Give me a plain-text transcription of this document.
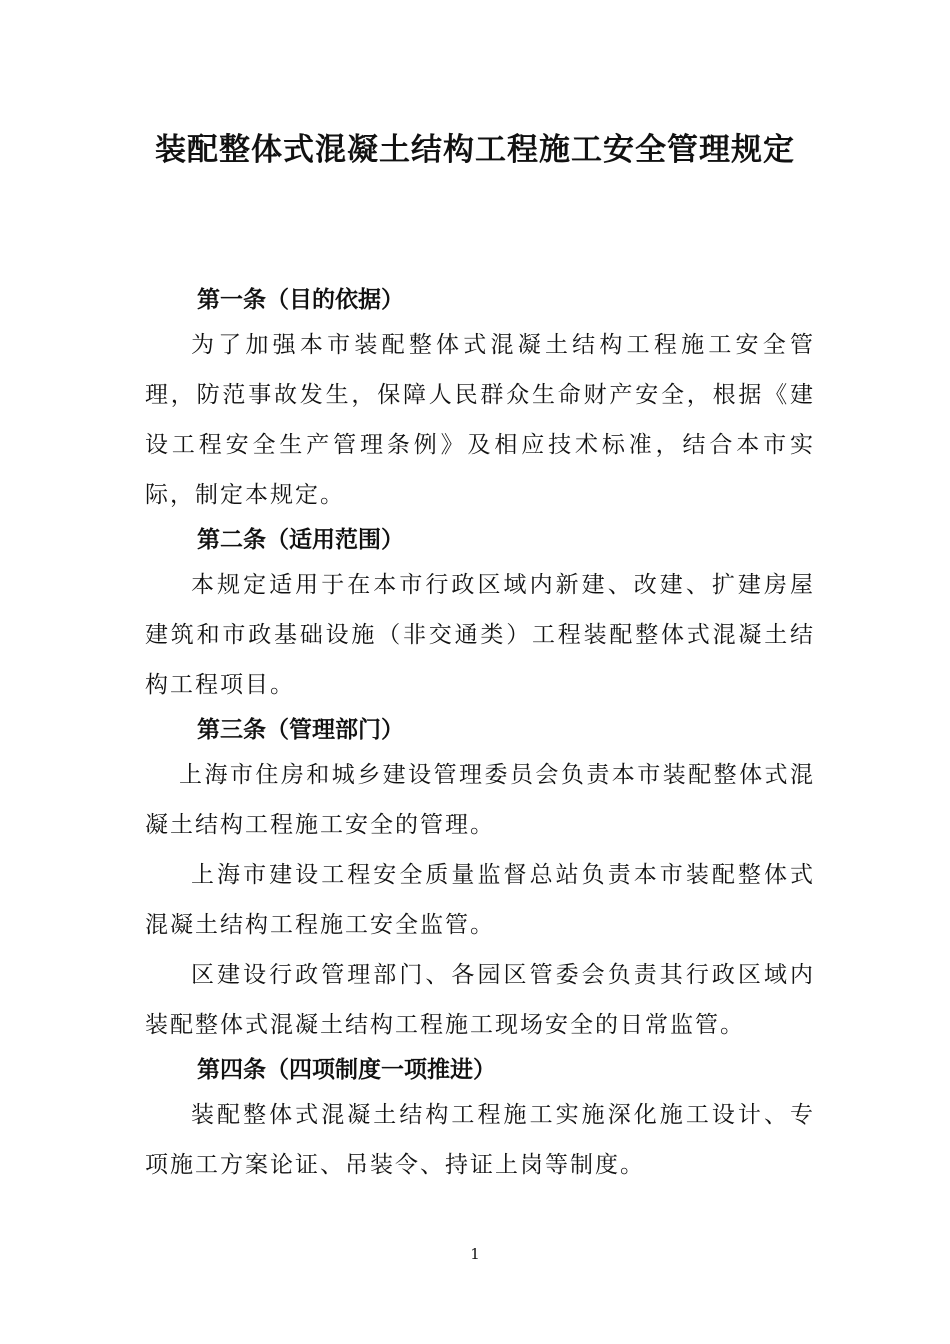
装配整体式混凝土结构工程施工安全管理规定
第一条（目的依据）

为了加强本市装配整体式混凝土结构工程施工安全管理，防范事故发生，保障人民群众生命财产安全，根据《建设工程安全生产管理条例》及相应技术标准，结合本市实际，制定本规定。

第二条（适用范围）

本规定适用于在本市行政区域内新建、改建、扩建房屋建筑和市政基础设施（非交通类）工程装配整体式混凝土结构工程项目。

第三条（管理部门）

上海市住房和城乡建设管理委员会负责本市装配整体式混凝土结构工程施工安全的管理。

上海市建设工程安全质量监督总站负责本市装配整体式混凝土结构工程施工安全监管。

区建设行政管理部门、各园区管委会负责其行政区域内装配整体式混凝土结构工程施工现场安全的日常监管。

第四条（四项制度一项推进）

装配整体式混凝土结构工程施工实施深化施工设计、专项施工方案论证、吊装令、持证上岗等制度。

1
